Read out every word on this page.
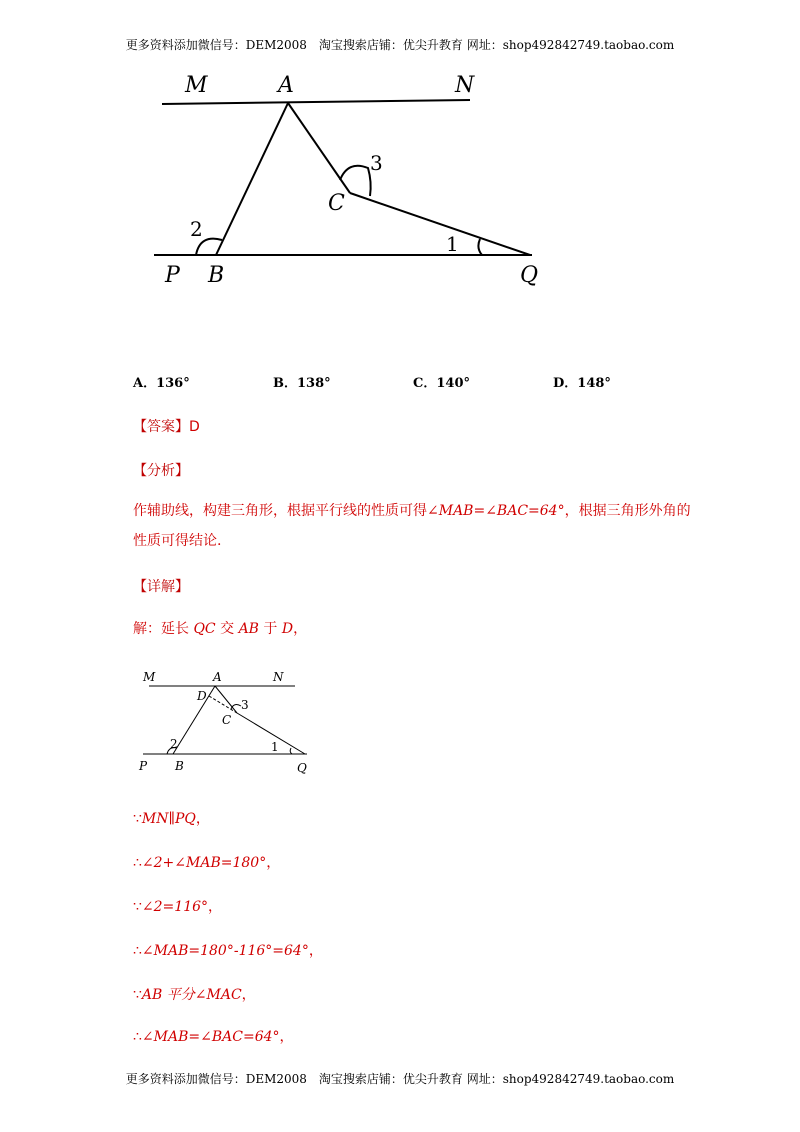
更多资料添加微信号：DEM2008　淘宝搜索店铺：优尖升教育 网址：shop492842749.taobao.com
M	A	N
C
3
2
1
P B	Q
A．136°	B．138°	C．140°	D．148°
【答案】D
【分析】
作辅助线，构建三角形，根据平行线的性质可得∠MAB=∠BAC=64°，根据三角形外角的性质可得结论.
【详解】
解：延长 QC 交 AB 于 D，
M	A	N
D
C
3
2	1
P B	Q
∵MN∥PQ，
∴∠2+∠MAB=180°，
∵∠2=116°，
∴∠MAB=180°-116°=64°，
∵AB 平分∠MAC，
∴∠MAB=∠BAC=64°，
更多资料添加微信号：DEM2008　淘宝搜索店铺：优尖升教育 网址：shop492842749.taobao.com
